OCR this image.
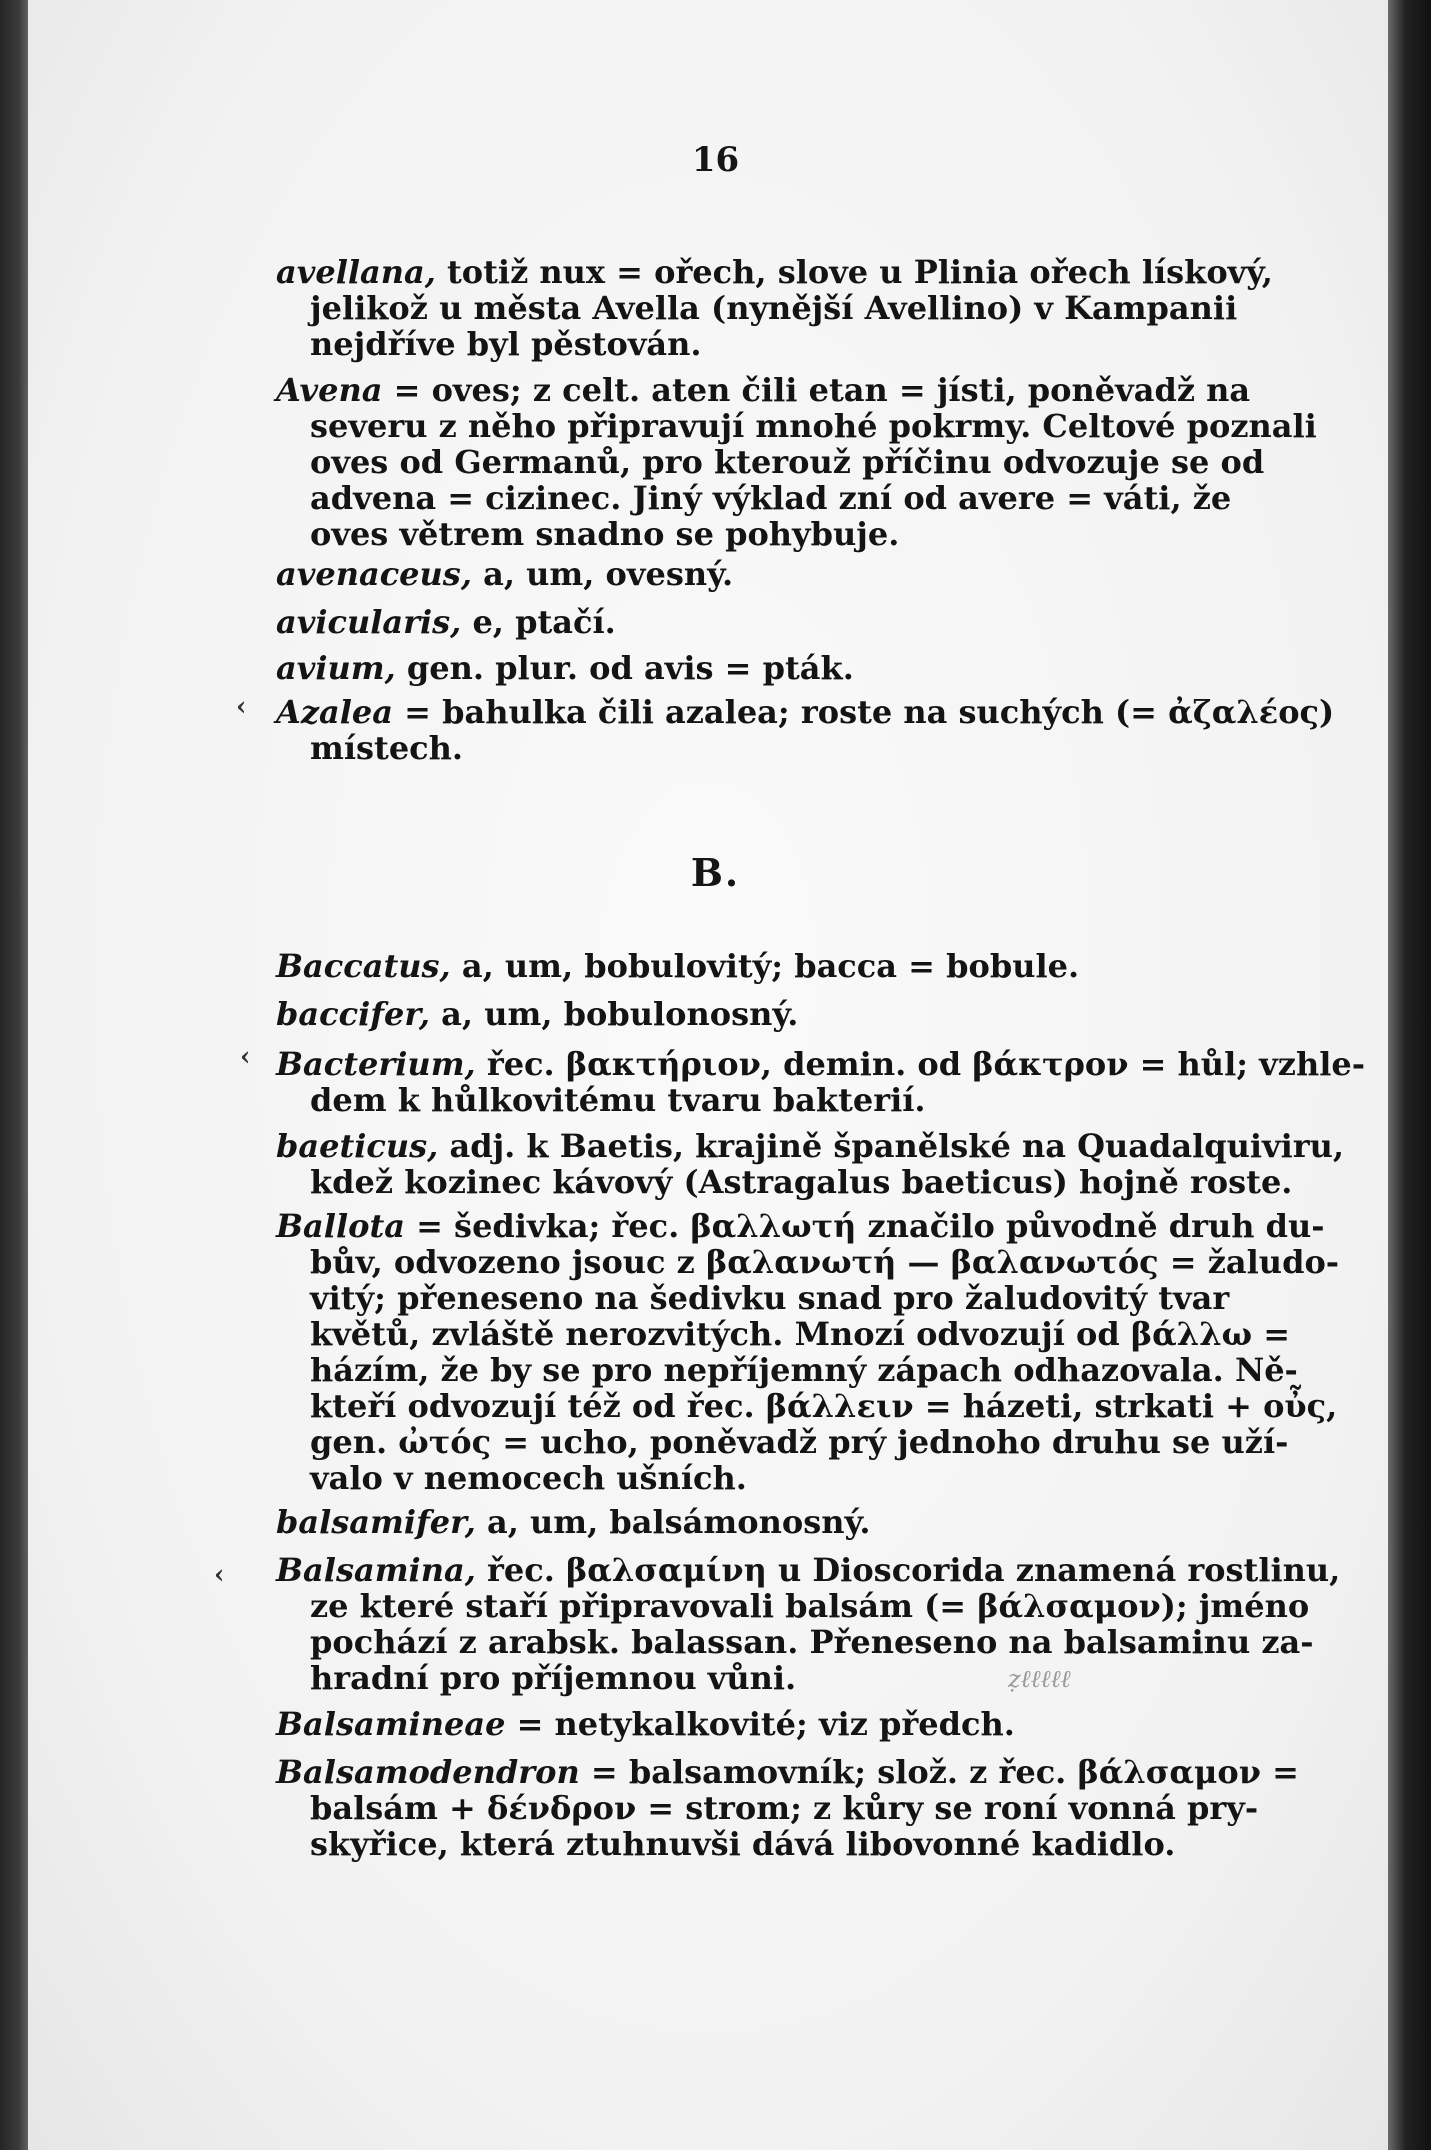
16
avellana, totiž nux = ořech, slove u Plinia ořech lískový,
jelikož u města Avella (nynější Avellino) v Kampanii
nejdříve byl pěstován.
Avena = oves; z celt. aten čili etan = jísti, poněvadž na
severu z něho připravují mnohé pokrmy. Celtové poznali
oves od Germanů, pro kterouž příčinu odvozuje se od
advena = cizinec. Jiný výklad zní od avere = váti, že
oves větrem snadno se pohybuje.
avenaceus, a, um, ovesný.
avicularis, e, ptačí.
avium, gen. plur. od avis = pták.
Azalea = bahulka čili azalea; roste na suchých (= ἀζαλέος)
místech.
B.
Baccatus, a, um, bobulovitý; bacca = bobule.
baccifer, a, um, bobulonosný.
Bacterium, řec. βακτήριον, demin. od βάκτρον = hůl; vzhle-
dem k hůlkovitému tvaru bakterií.
baeticus, adj. k Baetis, krajině španělské na Quadalquiviru,
kdež kozinec kávový (Astragalus baeticus) hojně roste.
Ballota = šedivka; řec. βαλλωτή značilo původně druh du-
bův, odvozeno jsouc z βαλανωτή — βαλανωτός = žaludo-
vitý; přeneseno na šedivku snad pro žaludovitý tvar
květů, zvláště nerozvitých. Mnozí odvozují od βάλλω =
házím, že by se pro nepříjemný zápach odhazovala. Ně-
kteří odvozují též od řec. βάλλειν = házeti, strkati + οὖς,
gen. ὠτός = ucho, poněvadž prý jednoho druhu se uží-
valo v nemocech ušních.
balsamifer, a, um, balsámonosný.
Balsamina, řec. βαλσαμίνη u Dioscorida znamená rostlinu,
ze které staří připravovali balsám (= βάλσαμον); jméno
pochází z arabsk. balassan. Přeneseno na balsaminu za-
hradní pro příjemnou vůni.
Balsamineae = netykalkovité; viz předch.
Balsamodendron = balsamovník; slož. z řec. βάλσαμον =
balsám + δένδρον = strom; z kůry se roní vonná pry-
skyřice, která ztuhnuvši dává libovonné kadidlo.
‹
‹
‹
ẓℓℓℓℓℓ
